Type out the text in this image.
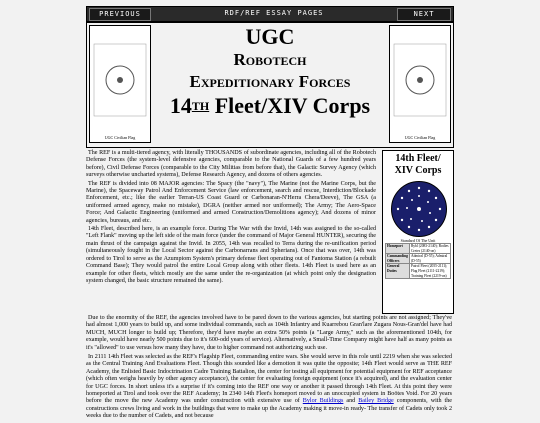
PREVIOUS	RDF/REF ESSAY PAGES	NEXT
UGC Civilian Flag
UGC
Robotech
Expeditionary Forces
14TH Fleet/XIV Corps
UGC Civilian Flag

The REF is a multi-tiered agency, with literally THOUSANDS of subordinate agencies, including all of the Robotech Defense Forces (the system-level defensive agencies, comparable to the National Guards of a few hundred years before), Civil Defense Forces (comparable to the City Militias from before that), the Galactic Survey Agency (which surveys otherwise uncharted systems), Defense Research Agency, and dozens of others agencies.

The REF is divided into 08 MAJOR agencies: The Spacy (the "navy"), The Marine (not the Marine Corps, but the Marine), the Spaceway Patrol And Enforcement Service (law enforcement, search and rescue, Interdiction/Blockade Enforcement, etc.; like the earlier Terran-US Coast Guard or Carbonaran-N'Herra Chera/Deeve), The GSA (a uniformed armed agency, make no mistake), DGRA (neither armed nor uniformed); The Army; The Aero-Space Force; And Galactic Engineering (uniformed and armed Construction/Demolitions agency); And dozens of minor agencies, bureaus, and etc.

14th Fleet, described here, is an example force. During The War with the Invid, 14th was assigned to the so-called "Left Flank" moving up the left side of the main force (under the command of Major General HUNTER), securing the main thrust of the campaign against the Invid. In 2055, 14th was recalled to Terra during the re-unification period (simultaneously fought in the Local Sector against the Carbonarrans and Spherians). Once that was over, 14th was ordered to Tirol to serve as the Azumpiom System's primary defense fleet operating out of Fantoma Station (a rebuilt Command Base); They would patrol the entire Local Group along with other fleets. 14th Fleet is used here as an example for other fleets, which mostly are the same under the re-organization (at which point only the designation system changed, the basic structure remained the same).

14th Fleet/
XIV Corps
Standard Of The Unit
Homeport	Rybl (2083-2140); Bodies Cretes (2140-on)
Commanding Officers	Admiral (D-55); Admiral (D-55)
General Duties	Patrol Fleet (2055-2111); Flag Fleet (2111-2219); Training Fleet (2219-on)

Due to the enormity of the REF, the agencies involved have to be pared down to the various agencies, but starting points are not assigned; They've had almost 1,000 years to build up, and some individual commands, such as 104th Infantry and Kuarrebou Gran'lare Zugara Nous-Gran'del have had MUCH, MUCH longer to build up; Therefore, they'd have maybe an extra 50% points (a "Large Army," such as the aforementioned 104th, for example, would have nearly 500 points due to it's 600-odd years of service). Alternatively, a Small-Time Company might have half as many points as it's "allowed" to use versus how many they have, due to higher command not authorizing such use.

In 2111 14th Fleet was selected as the REF's Flagship Fleet, commanding entire wars. She would serve in this role until 2219 when she was selected as the Central Training And Evaluations Fleet. Though this sounded like a demotion it was quite the opposite; 14th Fleet would serve as THE REF Academy, the Enlisted Basic Indoctrination Cadre Training Battalion, the center for testing all equipment for potential equipment for REF acceptance (which often weighs heavily by other agency acceptance), the center for evaluating foreign equipment (once it's acquired), and the evaluation center for UGC forces. In short unless it's a surprise if it's coming into the REF one way or another it passed through 14th Fleet. At this point they were homeported at Tirol and took over the REF Academy; In 2340 14th Fleet's homeport moved to an unoccupied system in Boötes Void. For 20 years before the move the new Academy was under construction with extensive use of Bylor Buildings and Bailey Bridge components, with the constructions crews living and work in the buildings that were to make up the Academy making it move-in ready- The transfer of Cadets only took 2 weeks due to the number of Cadets, and not because
